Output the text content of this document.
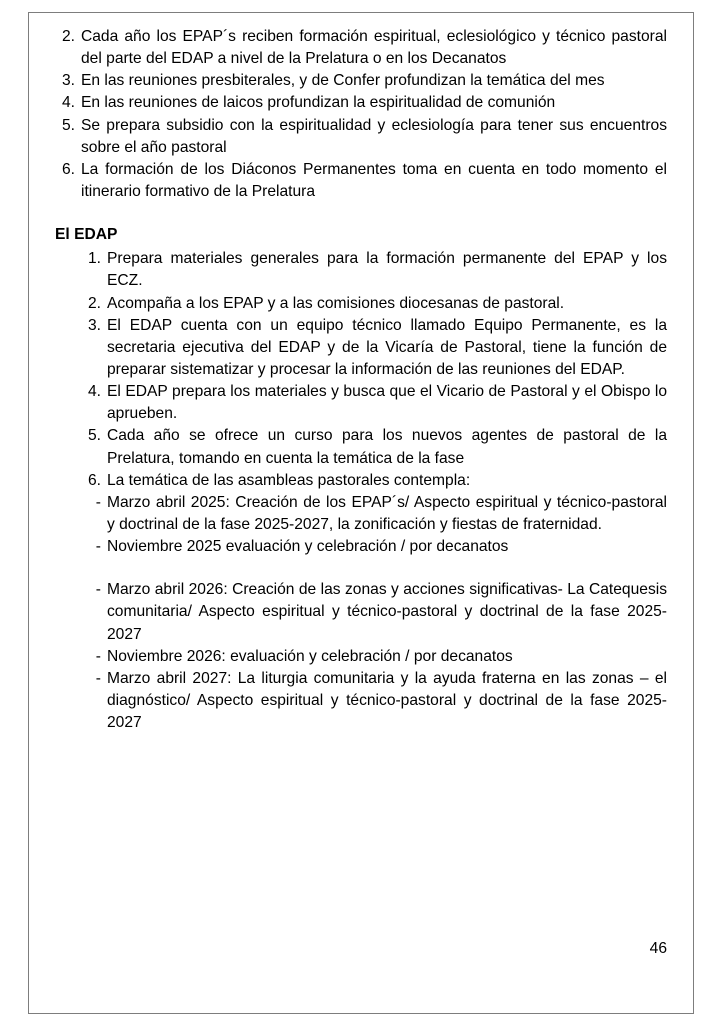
2. Cada año los EPAP´s reciben formación espiritual, eclesiológico y técnico pastoral del parte del EDAP a nivel de la Prelatura o en los Decanatos
3. En las reuniones presbiterales, y de Confer profundizan la temática del mes
4. En las reuniones de laicos profundizan la espiritualidad de comunión
5. Se prepara subsidio con la espiritualidad y eclesiología para tener sus encuentros sobre el año pastoral
6. La formación de los Diáconos Permanentes toma en cuenta en todo momento el itinerario formativo de la Prelatura
El EDAP
1. Prepara materiales generales para la formación permanente del EPAP y los ECZ.
2. Acompaña a los EPAP y a las comisiones diocesanas de pastoral.
3. El EDAP cuenta con un equipo técnico llamado Equipo Permanente, es la secretaria ejecutiva del EDAP y de la Vicaría de Pastoral, tiene la función de preparar sistematizar y procesar la información de las reuniones del EDAP.
4. El EDAP prepara los materiales y busca que el Vicario de Pastoral y el Obispo lo aprueben.
5. Cada año se ofrece un curso para los nuevos agentes de pastoral de la Prelatura, tomando en cuenta la temática de la fase
6. La temática de las asambleas pastorales contempla:
- Marzo abril 2025: Creación de los EPAP´s/ Aspecto espiritual y técnico-pastoral y doctrinal de la fase 2025-2027, la zonificación y fiestas de fraternidad.
- Noviembre 2025 evaluación y celebración / por decanatos
- Marzo abril 2026: Creación de las zonas y acciones significativas- La Catequesis comunitaria/ Aspecto espiritual y técnico-pastoral y doctrinal de la fase 2025-2027
- Noviembre 2026: evaluación y celebración / por decanatos
- Marzo abril 2027: La liturgia comunitaria y la ayuda fraterna en las zonas – el diagnóstico/ Aspecto espiritual y técnico-pastoral y doctrinal de la fase 2025-2027
46
